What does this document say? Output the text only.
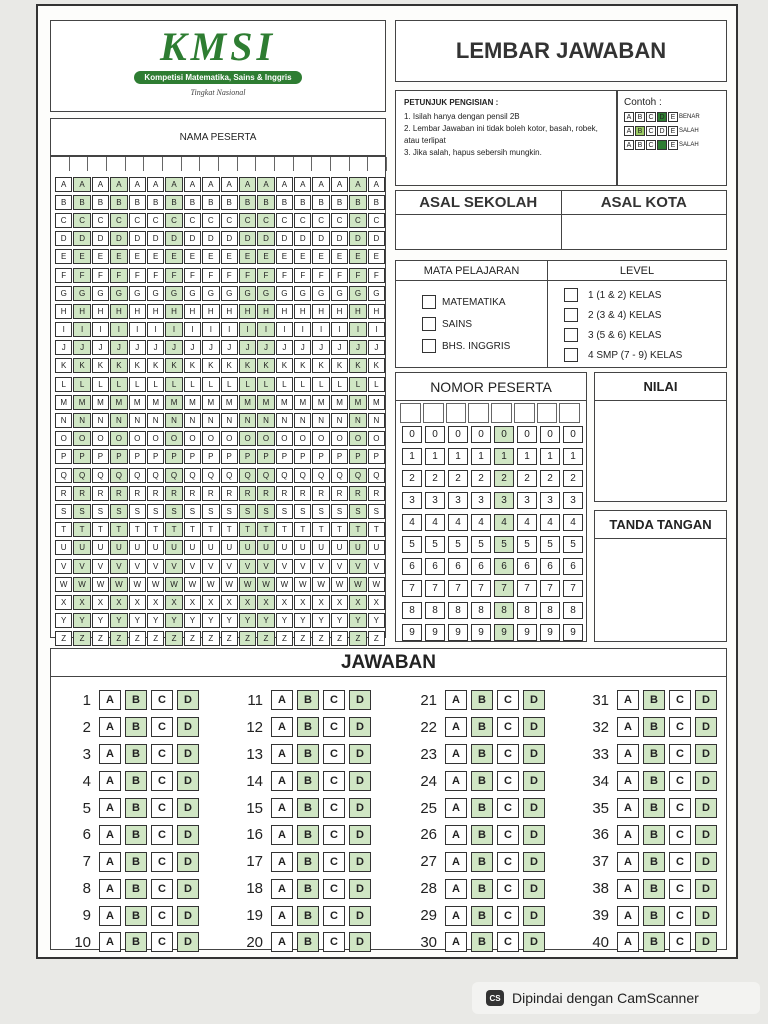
KMSI
Kompetisi Matematika, Sains & Inggris
Tingkat Nasional
LEMBAR JAWABAN
PETUNJUK PENGISIAN :
1. Isilah hanya dengan pensil 2B
2. Lembar Jawaban ini tidak boleh kotor, basah, robek, atau terlipat
3. Jika salah, hapus sebersih mungkin.
Contoh :
A B C D E BENAR
A B C D E SALAH
A B C	E SALAH
NAMA PESERTA
A	A	A	A	A	A	A	A	A	A	A	A	A	A	A	A	A	A
B	B	B	B	B	B	B	B	B	B	B	B	B	B	B	B	B	B
C	C	C	C	C	C	C	C	C	C	C	C	C	C	C	C	C	C
D	D	D	D	D	D	D	D	D	D	D	D	D	D	D	D	D	D
E	E	E	E	E	E	E	E	E	E	E	E	E	E	E	E	E	E
F	F	F	F	F	F	F	F	F	F	F	F	F	F	F	F	F	F
G	G	G	G	G	G	G	G	G	G	G	G	G	G	G	G	G	G
H	H	H	H	H	H	H	H	H	H	H	H	H	H	H	H	H	H
I	I	I	I	I	I	I	I	I	I	I	I	I	I	I	I	I	I
J	J	J	J	J	J	J	J	J	J	J	J	J	J	J	J	J	J
K	K	K	K	K	K	K	K	K	K	K	K	K	K	K	K	K	K
L	L	L	L	L	L	L	L	L	L	L	L	L	L	L	L	L	L
M	M	M	M	M	M	M	M	M	M	M	M	M	M	M	M	M	M
N	N	N	N	N	N	N	N	N	N	N	N	N	N	N	N	N	N
O	O	O	O	O	O	O	O	O	O	O	O	O	O	O	O	O	O
P	P	P	P	P	P	P	P	P	P	P	P	P	P	P	P	P	P
Q	Q	Q	Q	Q	Q	Q	Q	Q	Q	Q	Q	Q	Q	Q	Q	Q	Q
R	R	R	R	R	R	R	R	R	R	R	R	R	R	R	R	R	R
S	S	S	S	S	S	S	S	S	S	S	S	S	S	S	S	S	S
T	T	T	T	T	T	T	T	T	T	T	T	T	T	T	T	T	T
U	U	U	U	U	U	U	U	U	U	U	U	U	U	U	U	U	U
V	V	V	V	V	V	V	V	V	V	V	V	V	V	V	V	V	V
W	W	W	W	W	W	W	W	W	W	W	W	W	W	W	W	W	W
X	X	X	X	X	X	X	X	X	X	X	X	X	X	X	X	X	X
Y	Y	Y	Y	Y	Y	Y	Y	Y	Y	Y	Y	Y	Y	Y	Y	Y	Y
Z	Z	Z	Z	Z	Z	Z	Z	Z	Z	Z	Z	Z	Z	Z	Z	Z	Z
ASAL SEKOLAH	ASAL KOTA
MATA PELAJARAN	LEVEL
MATEMATIKA
SAINS
BHS. INGGRIS
1 (1 & 2) KELAS
2 (3 & 4) KELAS
3 (5 & 6) KELAS
4 SMP (7 - 9) KELAS
NOMOR PESERTA
0	0	0	0	0	0	0	0
1	1	1	1	1	1	1	1
2	2	2	2	2	2	2	2
3	3	3	3	3	3	3	3
4	4	4	4	4	4	4	4
5	5	5	5	5	5	5	5
6	6	6	6	6	6	6	6
7	7	7	7	7	7	7	7
8	8	8	8	8	8	8	8
9	9	9	9	9	9	9	9
NILAI
TANDA TANGAN
JAWABAN
1	A	B	C	D
2	A	B	C	D
3	A	B	C	D
4	A	B	C	D
5	A	B	C	D
6	A	B	C	D
7	A	B	C	D
8	A	B	C	D
9	A	B	C	D
10	A	B	C	D
11	A	B	C	D
12	A	B	C	D
13	A	B	C	D
14	A	B	C	D
15	A	B	C	D
16	A	B	C	D
17	A	B	C	D
18	A	B	C	D
19	A	B	C	D
20	A	B	C	D
21	A	B	C	D
22	A	B	C	D
23	A	B	C	D
24	A	B	C	D
25	A	B	C	D
26	A	B	C	D
27	A	B	C	D
28	A	B	C	D
29	A	B	C	D
30	A	B	C	D
31	A	B	C	D
32	A	B	C	D
33	A	B	C	D
34	A	B	C	D
35	A	B	C	D
36	A	B	C	D
37	A	B	C	D
38	A	B	C	D
39	A	B	C	D
40	A	B	C	D
CS Dipindai dengan CamScanner
